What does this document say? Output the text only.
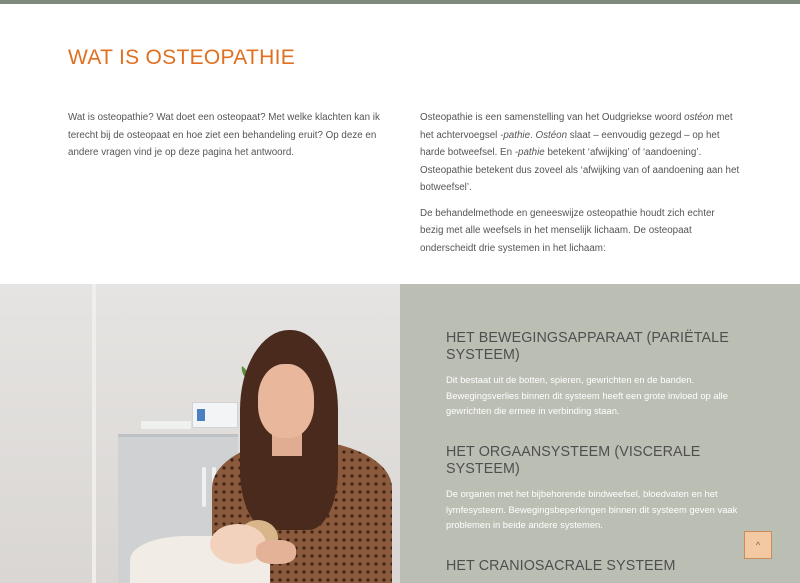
WAT IS OSTEOPATHIE

Wat is osteopathie? Wat doet een osteopaat? Met welke klachten kan ik terecht bij de osteopaat en hoe ziet een behandeling eruit? Op deze en andere vragen vind je op deze pagina het antwoord.

Osteopathie is een samenstelling van het Oudgriekse woord ostéon met het achtervoegsel -pathie. Ostéon slaat – eenvoudig gezegd – op het harde botweefsel. En -pathie betekent ‘afwijking’ of ‘aandoening’. Osteopathie betekent dus zoveel als ‘afwijking van of aandoening aan het botweefsel’.

De behandelmethode en geneeswijze osteopathie houdt zich echter bezig met alle weefsels in het menselijk lichaam. De osteopaat onderscheidt drie systemen in het lichaam:

HET BEWEGINGSAPPARAAT (PARIËTALE SYSTEEM)

Dit bestaat uit de botten, spieren, gewrichten en de banden. Bewegingsverlies binnen dit systeem heeft een grote invloed op alle gewrichten die ermee in verbinding staan.

HET ORGAANSYSTEEM (VISCERALE SYSTEEM)

De organen met het bijbehorende bindweefsel, bloedvaten en het lymfesysteem. Bewegingsbeperkingen binnen dit systeem geven vaak problemen in beide andere systemen.

HET CRANIOSACRALE SYSTEEM
^
